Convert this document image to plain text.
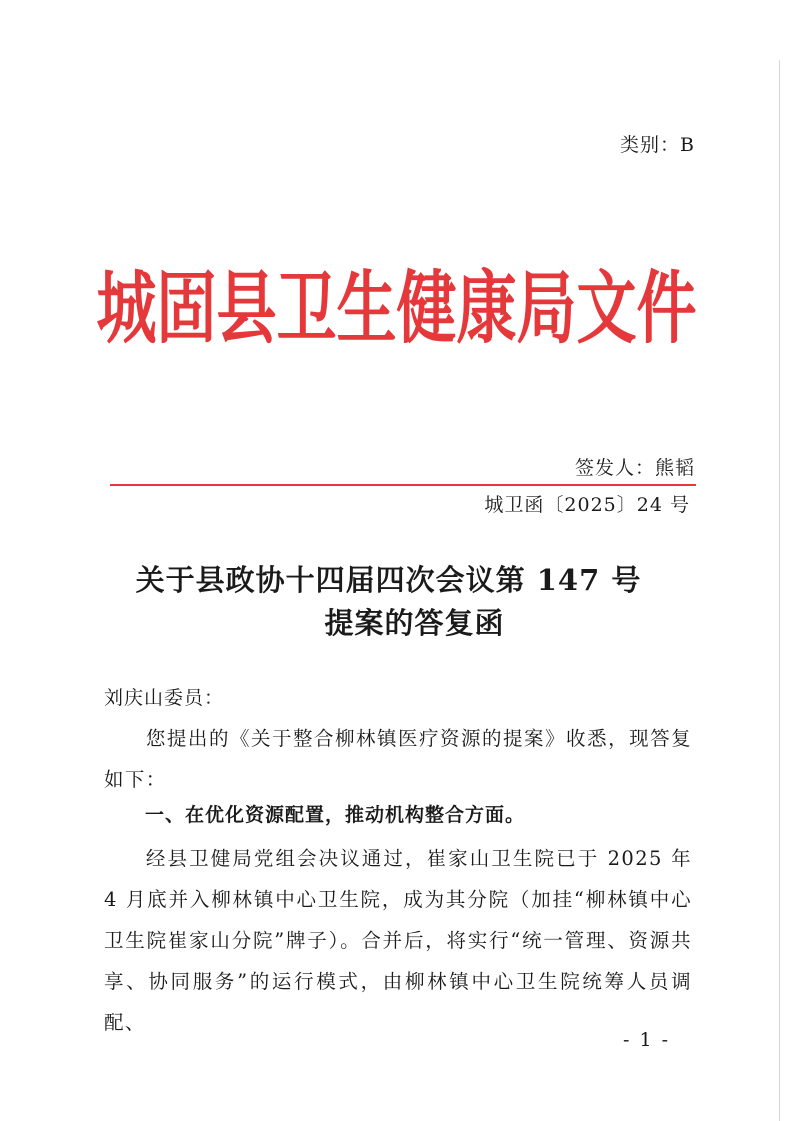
类别：B
城固县卫生健康局文件
签发人：熊韬
城卫函〔2025〕24 号
关于县政协十四届四次会议第 147 号
提案的答复函
刘庆山委员：
您提出的《关于整合柳林镇医疗资源的提案》收悉，现答复如下：
一、在优化资源配置，推动机构整合方面。
经县卫健局党组会决议通过，崔家山卫生院已于 2025 年 4 月底并入柳林镇中心卫生院，成为其分院（加挂“柳林镇中心卫生院崔家山分院”牌子）。合并后，将实行“统一管理、资源共享、协同服务”的运行模式，由柳林镇中心卫生院统筹人员调配、
- 1 -
